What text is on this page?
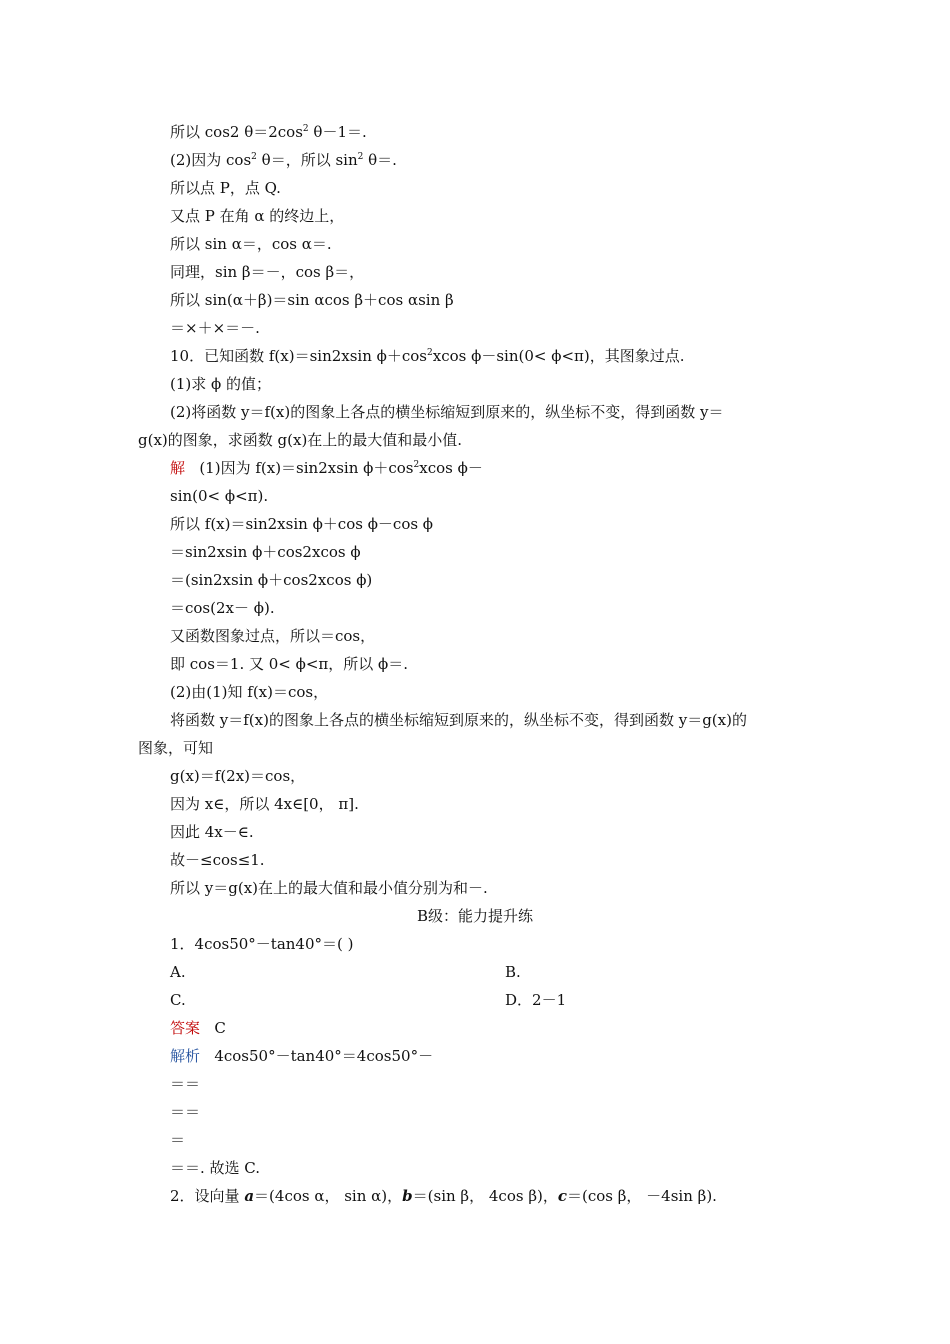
所以 cos2 $\theta=2\cos^2$ θ－1＝.
(2)因为 $\cos^2 \theta=$，所以 $\sin^2 \theta=$.
所以点 P，点 Q.
又点 P 在角 α 的终边上，
所以 sin α＝，cos α＝.
同理，sin β＝－，cos β＝，
所以 sin(α＋β)＝sin αcos β＋cos αsin β
＝×＋×＝－.
10．已知函数 f(x)＝sin2xsin $\phi+\cos^2xcos$ ϕ－sin(0< ϕ<π)，其图象过点.
(1)求 ϕ 的值；
(2)将函数 y＝f(x)的图象上各点的横坐标缩短到原来的，纵坐标不变，得到函数 y＝
g(x)的图象，求函数 g(x)在上的最大值和最小值.
解 (1)因为 f(x)＝sin2xsin $\phi+\cos^2xcos$ ϕ－
sin(0< ϕ<π).
所以 f(x)＝sin2xsin ϕ＋cos ϕ－cos ϕ
＝sin2xsin ϕ＋cos2xcos ϕ
＝(sin2xsin ϕ＋cos2xcos ϕ)
＝cos(2x－ ϕ).
又函数图象过点，所以＝cos，
即 cos＝1. 又 0< ϕ<π，所以 ϕ＝.
(2)由(1)知 f(x)＝cos，
将函数 y＝f(x)的图象上各点的横坐标缩短到原来的，纵坐标不变，得到函数 y＝g(x)的
图象，可知
g(x)＝f(2x)＝cos，
因为 x∈，所以 4x∈[0， π].
因此 4x－∈.
故－≤cos≤1.
所以 y＝g(x)在上的最大值和最小值分别为和－.
B级：能力提升练
1．4cos50°－tan40°＝( )
A.	B.
C.	D．2－1
答案 C
解析 4cos50°－tan40°＝4cos50°－
＝＝
＝＝
＝
＝＝. 故选 C.
2．设向量 a＝(4cos α， sin α)，b＝(sin β， 4cos β)，c＝(cos β， －4sin β).
